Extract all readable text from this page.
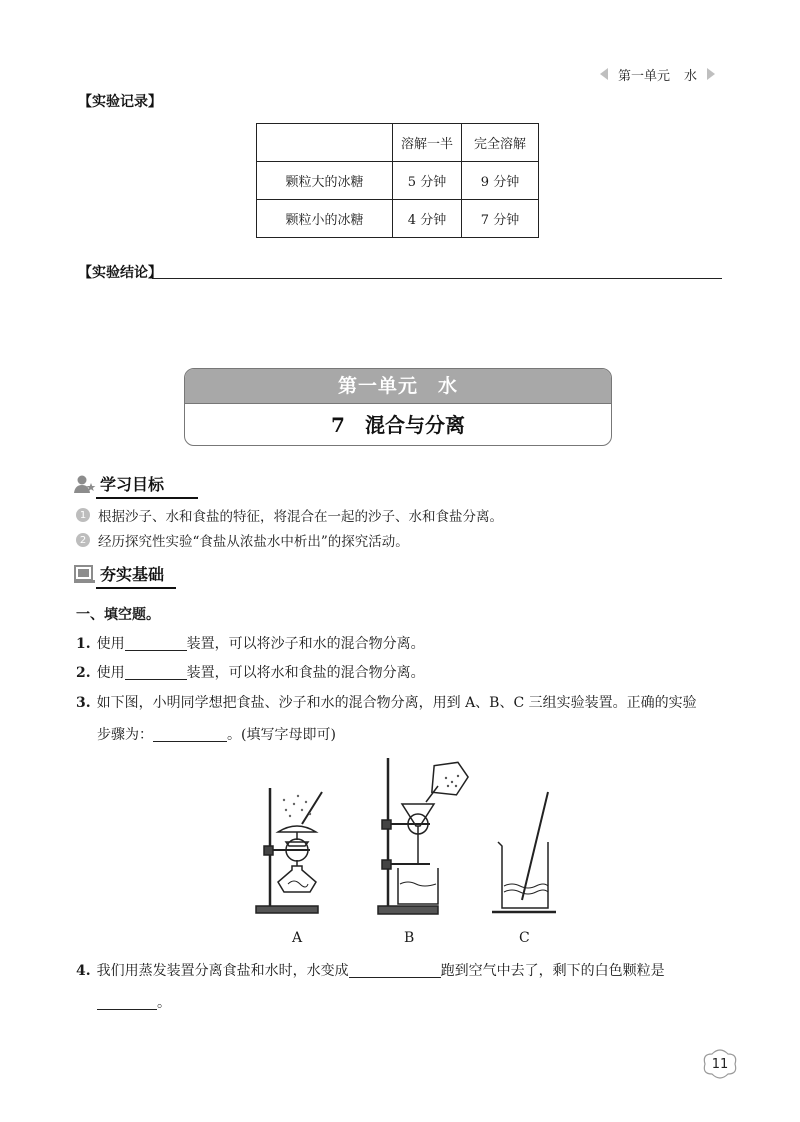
第一单元 水
【实验记录】
	溶解一半	完全溶解
颗粒大的冰糖	5 分钟	9 分钟
颗粒小的冰糖	4 分钟	7 分钟
【实验结论】
第一单元　水
7　混合与分离
学习目标
1 根据沙子、水和食盐的特征，将混合在一起的沙子、水和食盐分离。
2 经历探究性实验“食盐从浓盐水中析出”的探究活动。
夯实基础
一、填空题。
1. 使用	装置，可以将沙子和水的混合物分离。
2. 使用	装置，可以将水和食盐的混合物分离。
3. 如下图，小明同学想把食盐、沙子和水的混合物分离，用到 A、B、C 三组实验装置。正确的实验
步骤为：	。(填写字母即可)
A	B	C
4. 我们用蒸发装置分离食盐和水时，水变成	跑到空气中去了，剩下的白色颗粒是
。
11
